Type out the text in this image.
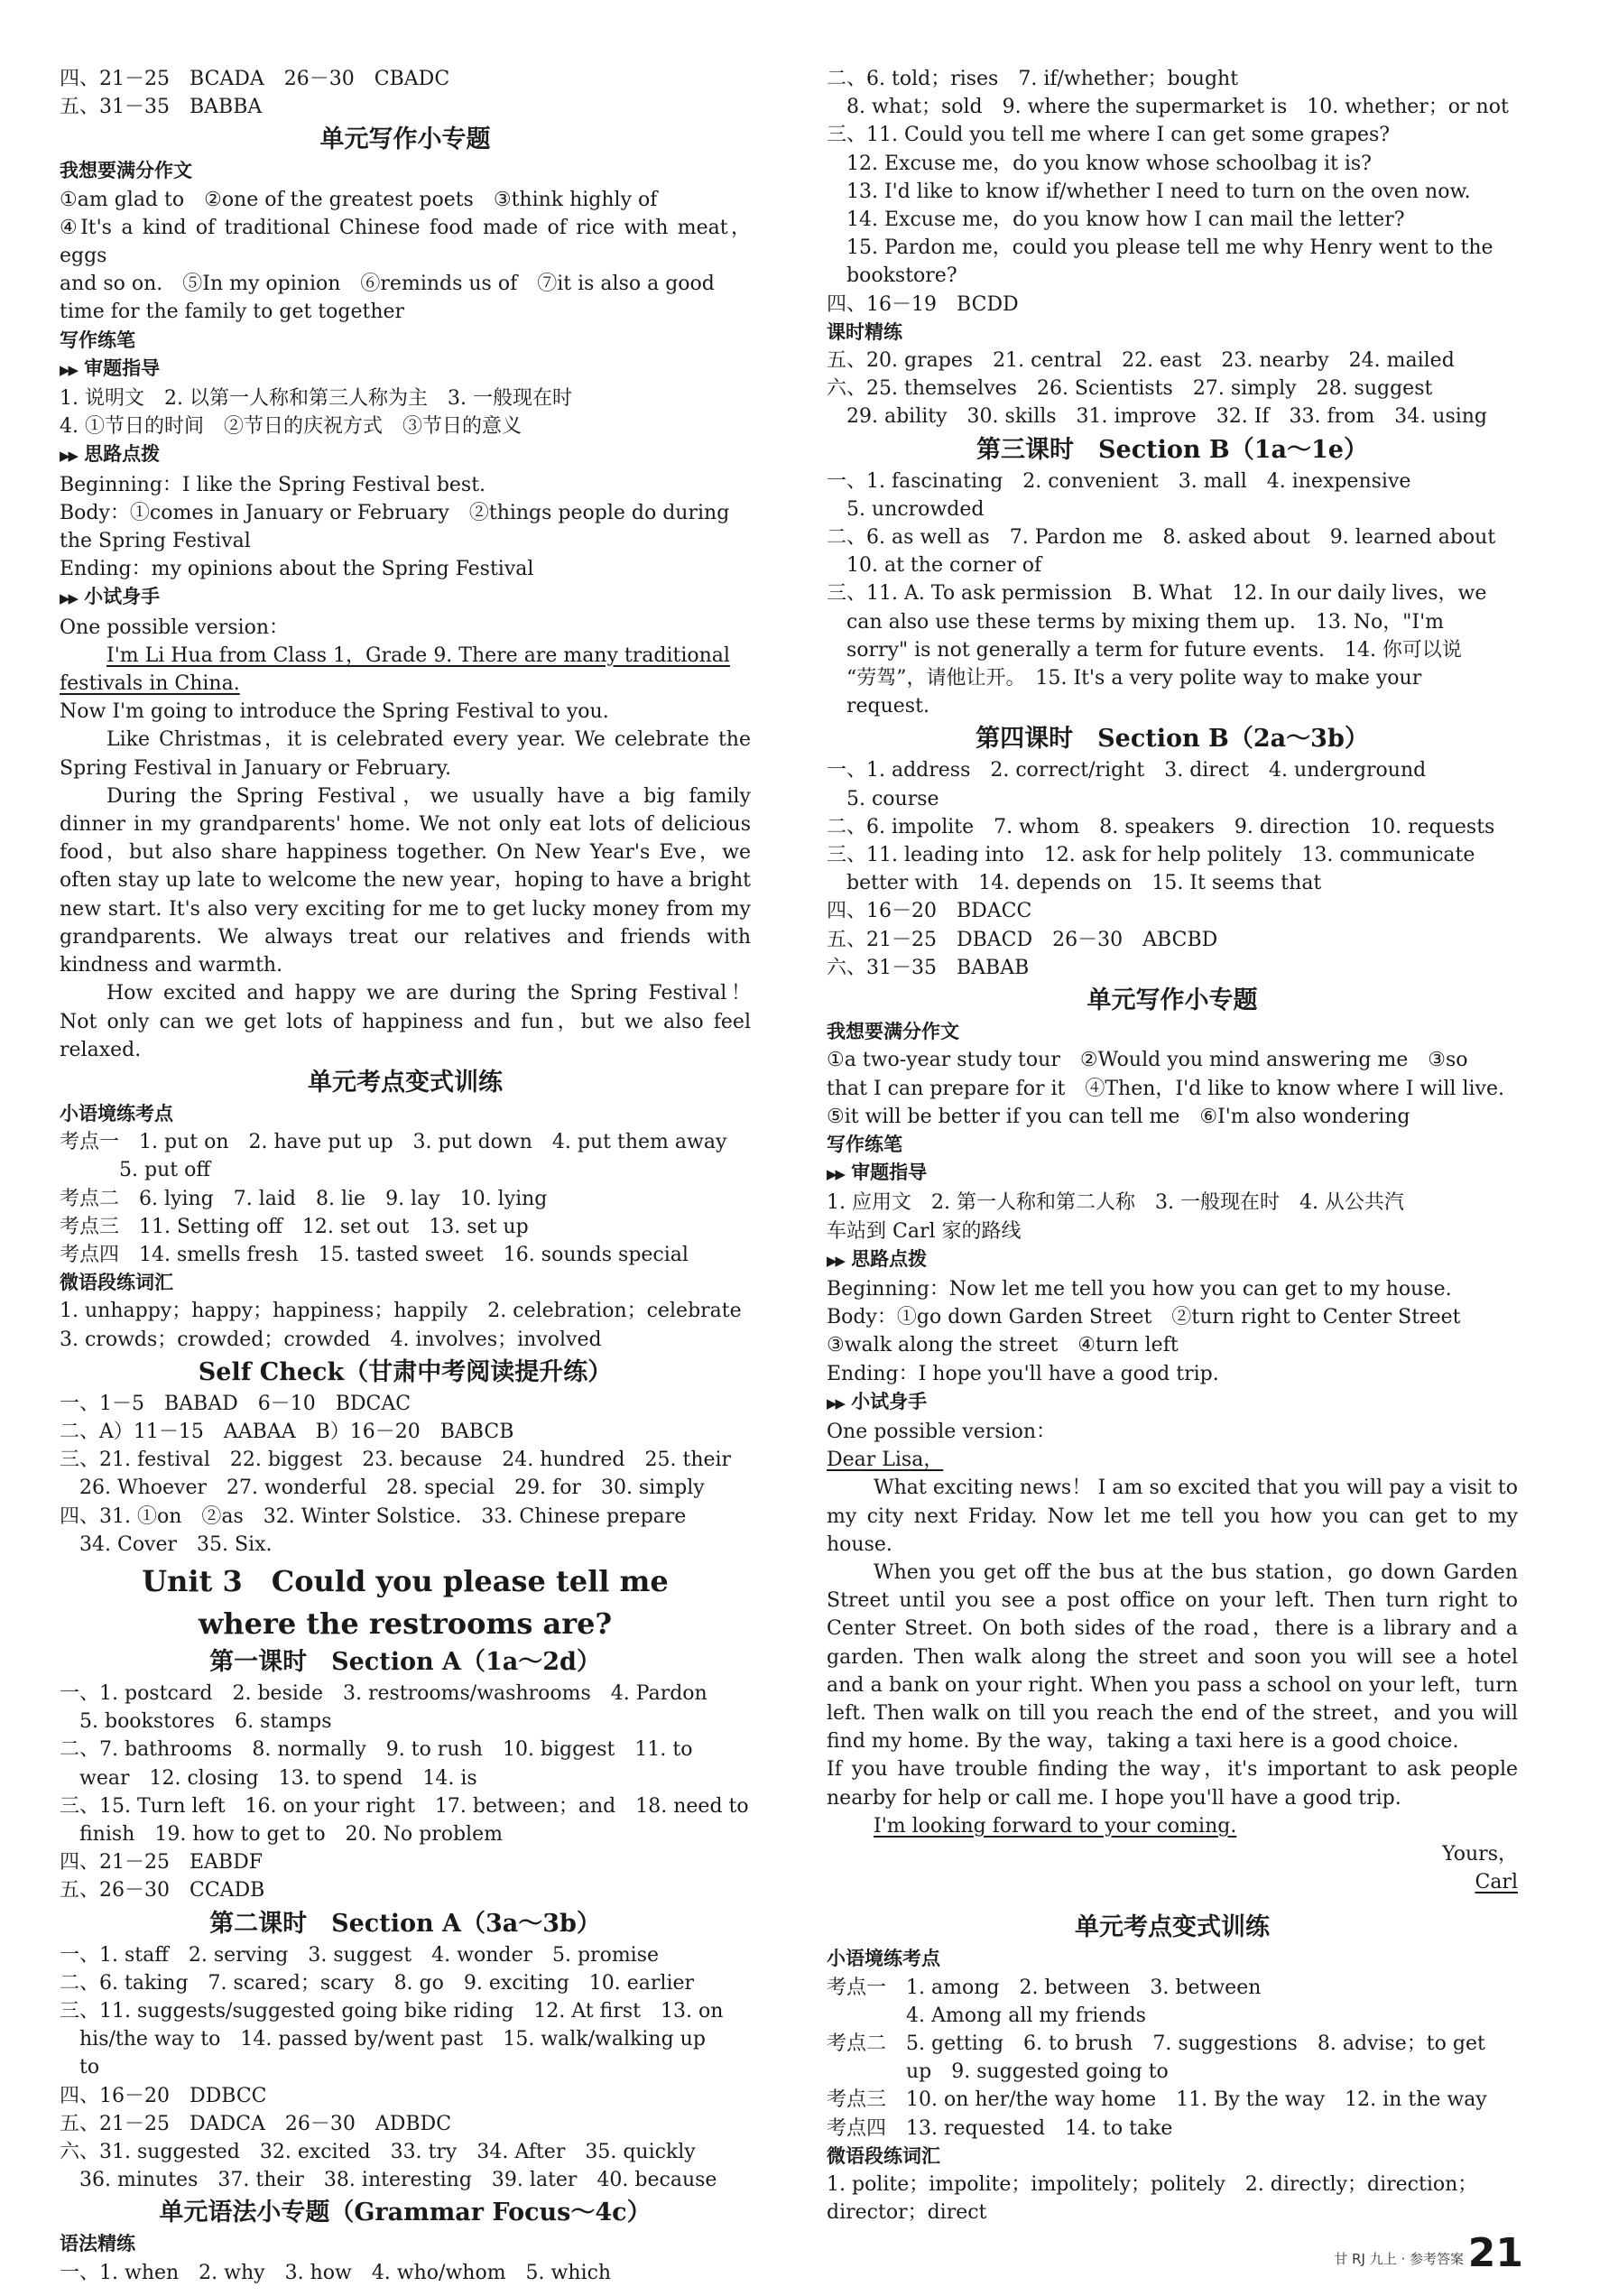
四、21－25　BCADA　26－30　CBADC
五、31－35　BABBA
单元写作小专题
我想要满分作文
①am glad to　②one of the greatest poets　③think highly of
④It's a kind of traditional Chinese food made of rice with meat，eggs
and so on.　⑤In my opinion　⑥reminds us of　⑦it is also a good
time for the family to get together
写作练笔
▶▶ 审题指导
1. 说明文　2. 以第一人称和第三人称为主　3. 一般现在时
4. ①节日的时间　②节日的庆祝方式　③节日的意义
▶▶ 思路点拨
Beginning：I like the Spring Festival best.
Body：①comes in January or February　②things people do during
the Spring Festival
Ending：my opinions about the Spring Festival
▶▶ 小试身手
One possible version：
I'm Li Hua from Class 1，Grade 9. There are many traditional
festivals in China.
Now I'm going to introduce the Spring Festival to you.
Like Christmas，it is celebrated every year. We celebrate the Spring Festival in January or February.
During the Spring Festival，we usually have a big family dinner in my grandparents' home. We not only eat lots of delicious food，but also share happiness together. On New Year's Eve，we often stay up late to welcome the new year，hoping to have a bright new start. It's also very exciting for me to get lucky money from my grandparents. We always treat our relatives and friends with kindness and warmth.
How excited and happy we are during the Spring Festival！ Not only can we get lots of happiness and fun，but we also feel relaxed.
单元考点变式训练
小语境练考点
考点一　1. put on　2. have put up　3. put down　4. put them away
　　　5. put off
考点二　6. lying　7. laid　8. lie　9. lay　10. lying
考点三　11. Setting off　12. set out　13. set up
考点四　14. smells fresh　15. tasted sweet　16. sounds special
微语段练词汇
1. unhappy；happy；happiness；happily　2. celebration；celebrate
3. crowds；crowded；crowded　4. involves；involved
Self Check（甘肃中考阅读提升练）
一、1－5　BABAD　6－10　BDCAC
二、A）11－15　AABAA　B）16－20　BABCB
三、21. festival　22. biggest　23. because　24. hundred　25. their
　26. Whoever　27. wonderful　28. special　29. for　30. simply
四、31. ①on　②as　32. Winter Solstice.　33. Chinese prepare
　34. Cover　35. Six.
Unit 3　Could you please tell me
where the restrooms are?
第一课时　Section A（1a～2d）
一、1. postcard　2. beside　3. restrooms/washrooms　4. Pardon
　5. bookstores　6. stamps
二、7. bathrooms　8. normally　9. to rush　10. biggest　11. to
　wear　12. closing　13. to spend　14. is
三、15. Turn left　16. on your right　17. between；and　18. need to
　finish　19. how to get to　20. No problem
四、21－25　EABDF
五、26－30　CCADB
第二课时　Section A（3a～3b）
一、1. staff　2. serving　3. suggest　4. wonder　5. promise
二、6. taking　7. scared；scary　8. go　9. exciting　10. earlier
三、11. suggests/suggested going bike riding　12. At first　13. on
　his/the way to　14. passed by/went past　15. walk/walking up
　to
四、16－20　DDBCC
五、21－25　DADCA　26－30　ADBDC
六、31. suggested　32. excited　33. try　34. After　35. quickly
　36. minutes　37. their　38. interesting　39. later　40. because
单元语法小专题（Grammar Focus～4c）
语法精练
一、1. when　2. why　3. how　4. who/whom　5. which
二、6. told；rises　7. if/whether；bought
　8. what；sold　9. where the supermarket is　10. whether；or not
三、11. Could you tell me where I can get some grapes?
　12. Excuse me，do you know whose schoolbag it is?
　13. I'd like to know if/whether I need to turn on the oven now.
　14. Excuse me，do you know how I can mail the letter?
　15. Pardon me，could you please tell me why Henry went to the
　bookstore?
四、16－19　BCDD
课时精练
五、20. grapes　21. central　22. east　23. nearby　24. mailed
六、25. themselves　26. Scientists　27. simply　28. suggest
　29. ability　30. skills　31. improve　32. If　33. from　34. using
第三课时　Section B（1a～1e）
一、1. fascinating　2. convenient　3. mall　4. inexpensive
　5. uncrowded
二、6. as well as　7. Pardon me　8. asked about　9. learned about
　10. at the corner of
三、11. A. To ask permission　B. What　12. In our daily lives，we
　can also use these terms by mixing them up.　13. No，"I'm
　sorry" is not generally a term for future events.　14. 你可以说
　“劳驾”，请他让开。　15. It's a very polite way to make your
　request.
第四课时　Section B（2a～3b）
一、1. address　2. correct/right　3. direct　4. underground
　5. course
二、6. impolite　7. whom　8. speakers　9. direction　10. requests
三、11. leading into　12. ask for help politely　13. communicate
　better with　14. depends on　15. It seems that
四、16－20　BDACC
五、21－25　DBACD　26－30　ABCBD
六、31－35　BABAB
单元写作小专题
我想要满分作文
①a two-year study tour　②Would you mind answering me　③so
that I can prepare for it　④Then，I'd like to know where I will live.
⑤it will be better if you can tell me　⑥I'm also wondering
写作练笔
▶▶ 审题指导
1. 应用文　2. 第一人称和第二人称　3. 一般现在时　4. 从公共汽
车站到 Carl 家的路线
▶▶ 思路点拨
Beginning：Now let me tell you how you can get to my house.
Body：①go down Garden Street　②turn right to Center Street
③walk along the street　④turn left
Ending：I hope you'll have a good trip.
▶▶ 小试身手
One possible version：
Dear Lisa，
What exciting news！ I am so excited that you will pay a visit to my city next Friday. Now let me tell you how you can get to my house.
When you get off the bus at the bus station，go down Garden Street until you see a post office on your left. Then turn right to Center Street. On both sides of the road，there is a library and a garden. Then walk along the street and soon you will see a hotel and a bank on your right. When you pass a school on your left，turn left. Then walk on till you reach the end of the street，and you will find my home. By the way，taking a taxi here is a good choice.
If you have trouble finding the way，it's important to ask people nearby for help or call me. I hope you'll have a good trip.
I'm looking forward to your coming.
Yours，
Carl
单元考点变式训练
小语境练考点
考点一　1. among　2. between　3. between
　　　　4. Among all my friends
考点二　5. getting　6. to brush　7. suggestions　8. advise；to get
　　　　up　9. suggested going to
考点三　10. on her/the way home　11. By the way　12. in the way
考点四　13. requested　14. to take
微语段练词汇
1. polite；impolite；impolitely；politely　2. directly；direction；
director；direct
甘 RJ 九上 · 参考答案 21
